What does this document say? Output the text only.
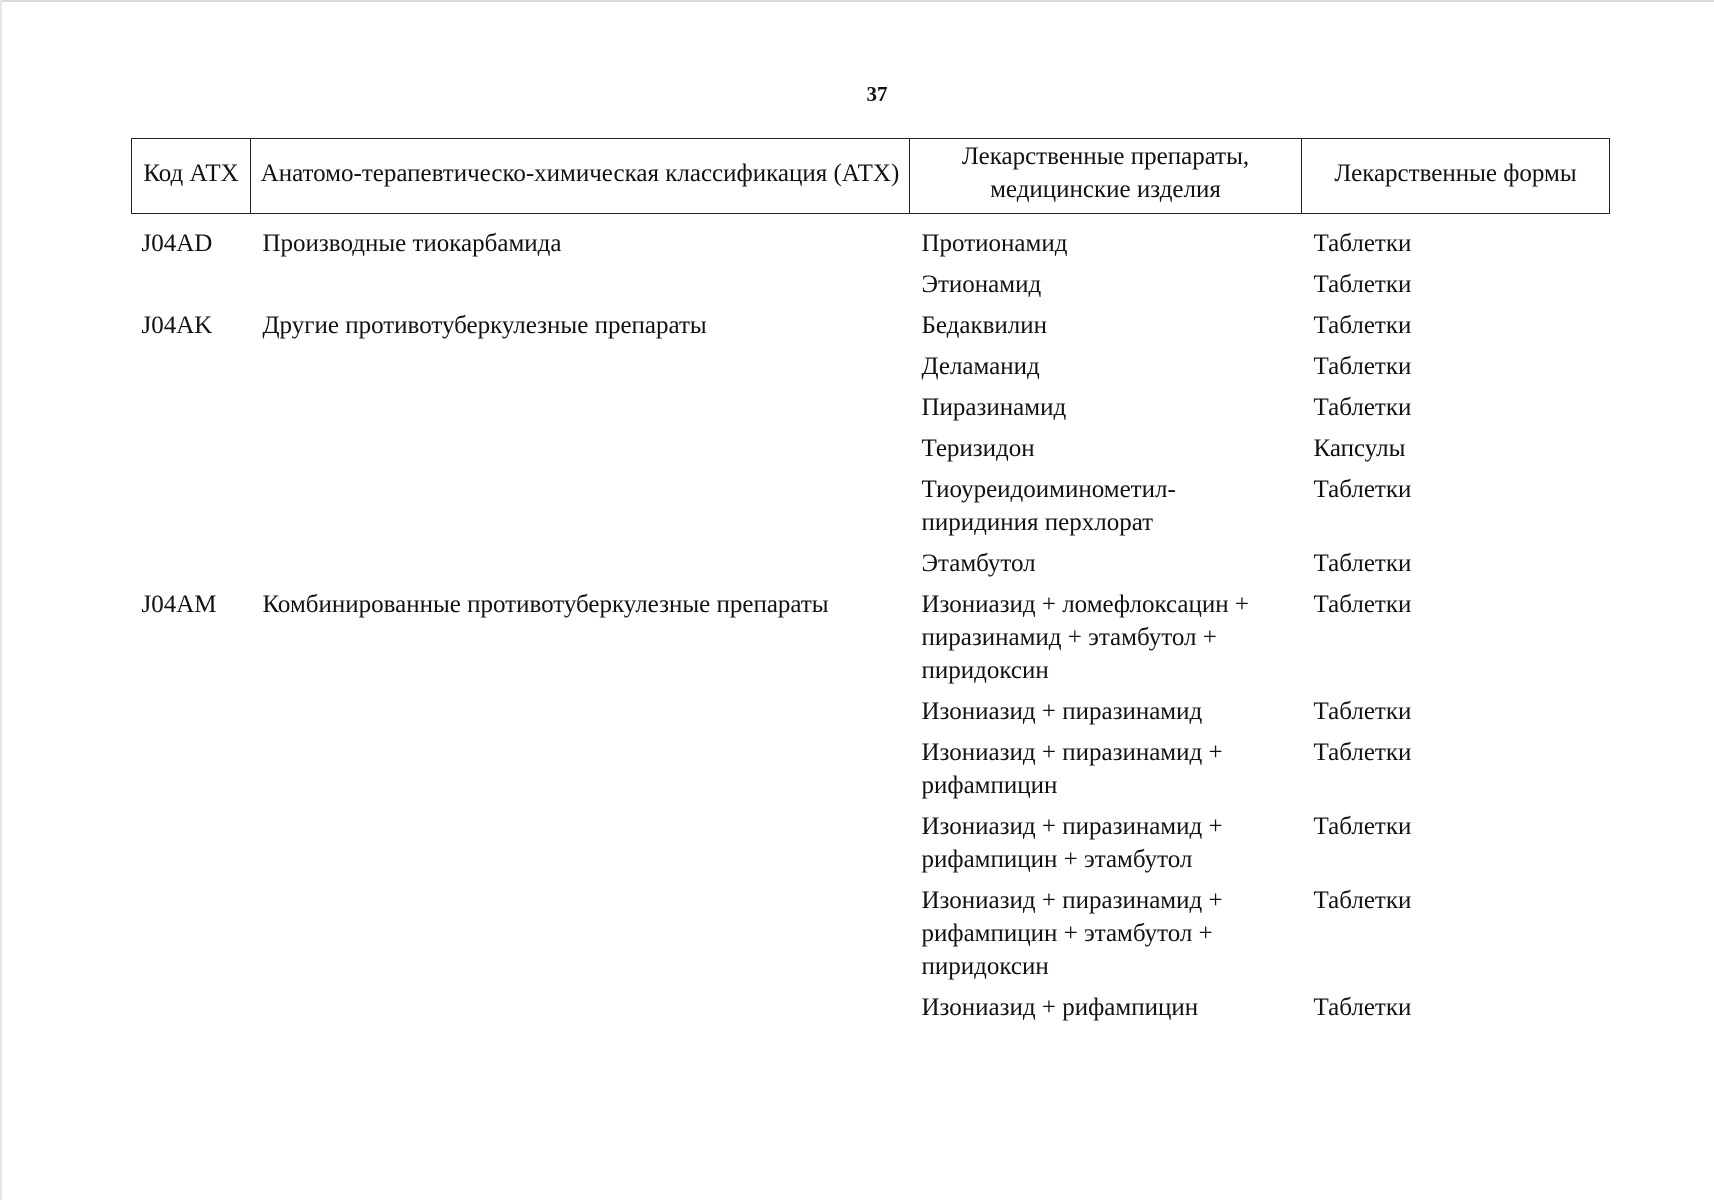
37
Код АТХ	Анатомо-терапевтическо-химическая классификация (АТХ)	Лекарственные препараты, медицинские изделия	Лекарственные формы

J04AD	Производные тиокарбамида	Протионамид	Таблетки
		Этионамид	Таблетки
J04AK	Другие противотуберкулезные препараты	Бедаквилин	Таблетки
		Деламанид	Таблетки
		Пиразинамид	Таблетки
		Теризидон	Капсулы
		Тиоуреидоиминометил-пиридиния перхлорат	Таблетки
		Этамбутол	Таблетки
J04AM	Комбинированные противотуберкулезные препараты	Изониазид + ломефлоксацин + пиразинамид + этамбутол + пиридоксин	Таблетки
		Изониазид + пиразинамид	Таблетки
		Изониазид + пиразинамид + рифампицин	Таблетки
		Изониазид + пиразинамид + рифампицин + этамбутол	Таблетки
		Изониазид + пиразинамид + рифампицин + этамбутол + пиридоксин	Таблетки
		Изониазид + рифампицин	Таблетки
